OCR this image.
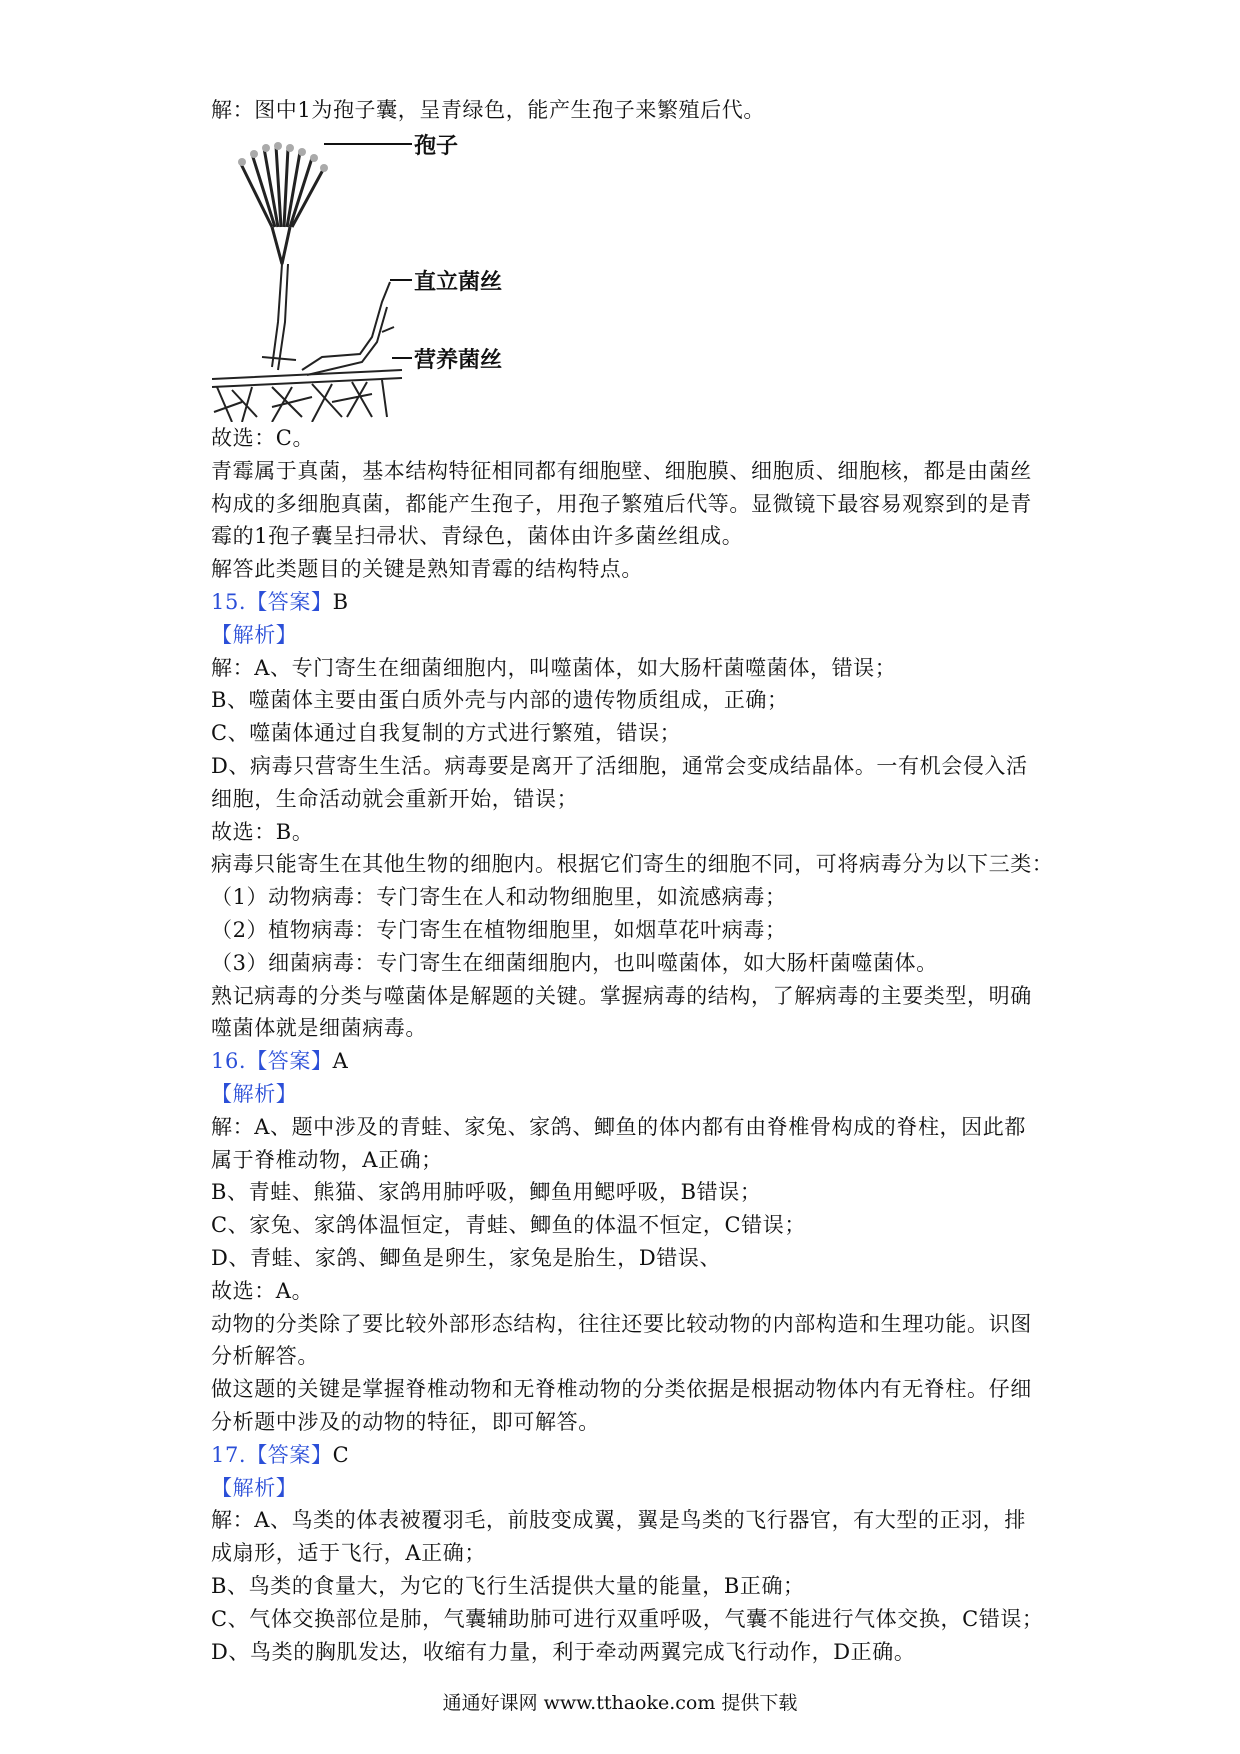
解：图中1为孢子囊，呈青绿色，能产生孢子来繁殖后代。
孢子
直立菌丝
营养菌丝
故选：C。
青霉属于真菌，基本结构特征相同都有细胞壁、细胞膜、细胞质、细胞核，都是由菌丝
构成的多细胞真菌，都能产生孢子，用孢子繁殖后代等。显微镜下最容易观察到的是青
霉的1孢子囊呈扫帚状、青绿色，菌体由许多菌丝组成。
解答此类题目的关键是熟知青霉的结构特点。
15.【答案】B
【解析】
解：A、专门寄生在细菌细胞内，叫噬菌体，如大肠杆菌噬菌体，错误；
B、噬菌体主要由蛋白质外壳与内部的遗传物质组成，正确；
C、噬菌体通过自我复制的方式进行繁殖，错误；
D、病毒只营寄生生活。病毒要是离开了活细胞，通常会变成结晶体。一有机会侵入活
细胞，生命活动就会重新开始，错误；
故选：B。
病毒只能寄生在其他生物的细胞内。根据它们寄生的细胞不同，可将病毒分为以下三类：
（1）动物病毒：专门寄生在人和动物细胞里，如流感病毒；
（2）植物病毒：专门寄生在植物细胞里，如烟草花叶病毒；
（3）细菌病毒：专门寄生在细菌细胞内，也叫噬菌体，如大肠杆菌噬菌体。
熟记病毒的分类与噬菌体是解题的关键。掌握病毒的结构，了解病毒的主要类型，明确
噬菌体就是细菌病毒。
16.【答案】A
【解析】
解：A、题中涉及的青蛙、家兔、家鸽、鲫鱼的体内都有由脊椎骨构成的脊柱，因此都
属于脊椎动物，A正确；
B、青蛙、熊猫、家鸽用肺呼吸，鲫鱼用鳃呼吸，B错误；
C、家兔、家鸽体温恒定，青蛙、鲫鱼的体温不恒定，C错误；
D、青蛙、家鸽、鲫鱼是卵生，家兔是胎生，D错误、
故选：A。
动物的分类除了要比较外部形态结构，往往还要比较动物的内部构造和生理功能。识图
分析解答。
做这题的关键是掌握脊椎动物和无脊椎动物的分类依据是根据动物体内有无脊柱。仔细
分析题中涉及的动物的特征，即可解答。
17.【答案】C
【解析】
解：A、鸟类的体表被覆羽毛，前肢变成翼，翼是鸟类的飞行器官，有大型的正羽，排
成扇形，适于飞行，A正确；
B、鸟类的食量大，为它的飞行生活提供大量的能量，B正确；
C、气体交换部位是肺，气囊辅助肺可进行双重呼吸，气囊不能进行气体交换，C错误；
D、鸟类的胸肌发达，收缩有力量，利于牵动两翼完成飞行动作，D正确。
通通好课网 www.tthaoke.com 提供下载
